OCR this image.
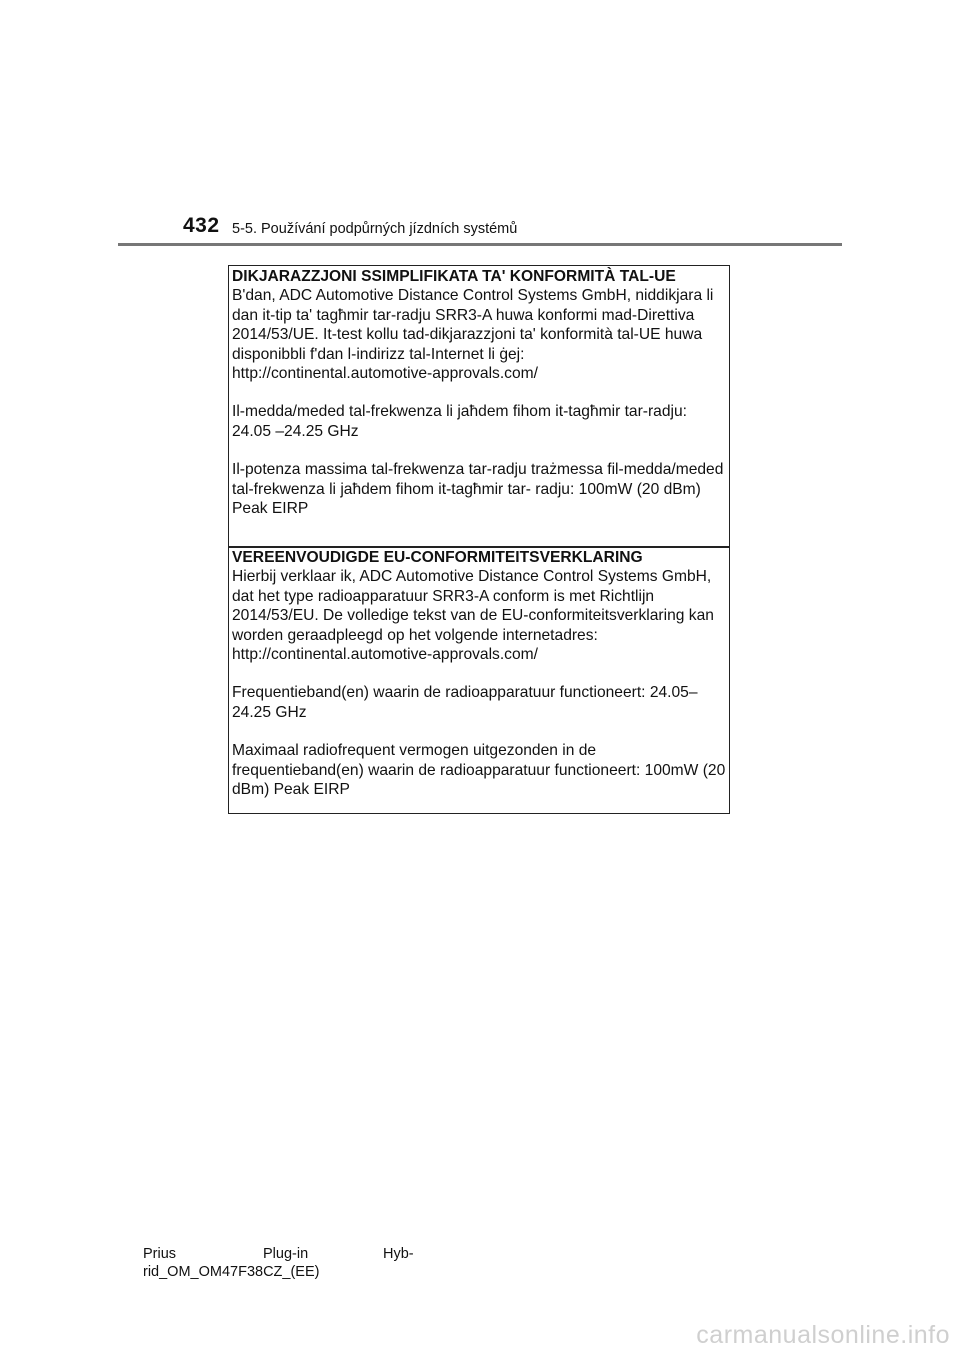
432 5-5. Používání podpůrných jízdních systémů
DIKJARAZZJONI SSIMPLIFIKATA TA' KONFORMITÀ TAL-UE

B'dan, ADC Automotive Distance Control Systems GmbH, niddikjara li dan it-tip ta' tagħmir tar-radju SRR3-A huwa konformi mad-Direttiva 2014/53/UE. It-test kollu tad-dikjarazzjoni ta' konformità tal-UE huwa disponibbli f'dan l-indirizz tal-Internet li ġej:
http://continental.automotive-approvals.com/

Il-medda/meded tal-frekwenza li jaħdem fihom it-tagħmir tar-radju: 24.05 –24.25 GHz

Il-potenza massima tal-frekwenza tar-radju trażmessa fil-medda/meded tal-frekwenza li jaħdem fihom it-tagħmir tar- radju: 100mW (20 dBm) Peak EIRP

VEREENVOUDIGDE EU-CONFORMITEITSVERKLARING

Hierbij verklaar ik, ADC Automotive Distance Control Systems GmbH, dat het type radioapparatuur SRR3-A conform is met Richtlijn 2014/53/EU. De volledige tekst van de EU-conformiteitsverklaring kan worden geraadpleegd op het volgende internetadres:
http://continental.automotive-approvals.com/

Frequentieband(en) waarin de radioapparatuur functioneert: 24.05–24.25 GHz

Maximaal radiofrequent vermogen uitgezonden in de frequentieband(en) waarin de radioapparatuur functioneert: 100mW (20 dBm) Peak EIRP

Prius	Plug-in	Hyb-
rid_OM_OM47F38CZ_(EE)
carmanualsonline.info
